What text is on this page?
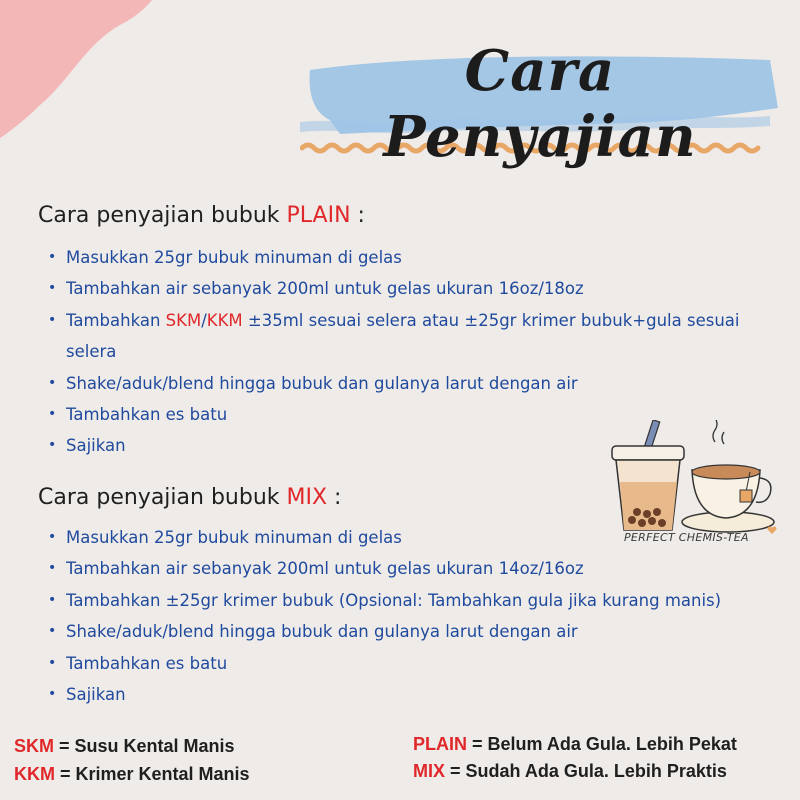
Cara Penyajian
Cara penyajian bubuk PLAIN :
• Masukkan 25gr bubuk minuman di gelas
• Tambahkan air sebanyak 200ml untuk gelas ukuran 16oz/18oz
• Tambahkan SKM/KKM ±35ml sesuai selera atau ±25gr krimer bubuk+gula sesuai selera
• Shake/aduk/blend hingga bubuk dan gulanya larut dengan air
• Tambahkan es batu
• Sajikan
Cara penyajian bubuk MIX :
• Masukkan 25gr bubuk minuman di gelas
• Tambahkan air sebanyak 200ml untuk gelas ukuran 14oz/16oz
• Tambahkan ±25gr krimer bubuk (Opsional: Tambahkan gula jika kurang manis)
• Shake/aduk/blend hingga bubuk dan gulanya larut dengan air
• Tambahkan es batu
• Sajikan
PERFECT CHEMIS-TEA
SKM = Susu Kental Manis
KKM = Krimer Kental Manis
PLAIN = Belum Ada Gula. Lebih Pekat
MIX = Sudah Ada Gula. Lebih Praktis
